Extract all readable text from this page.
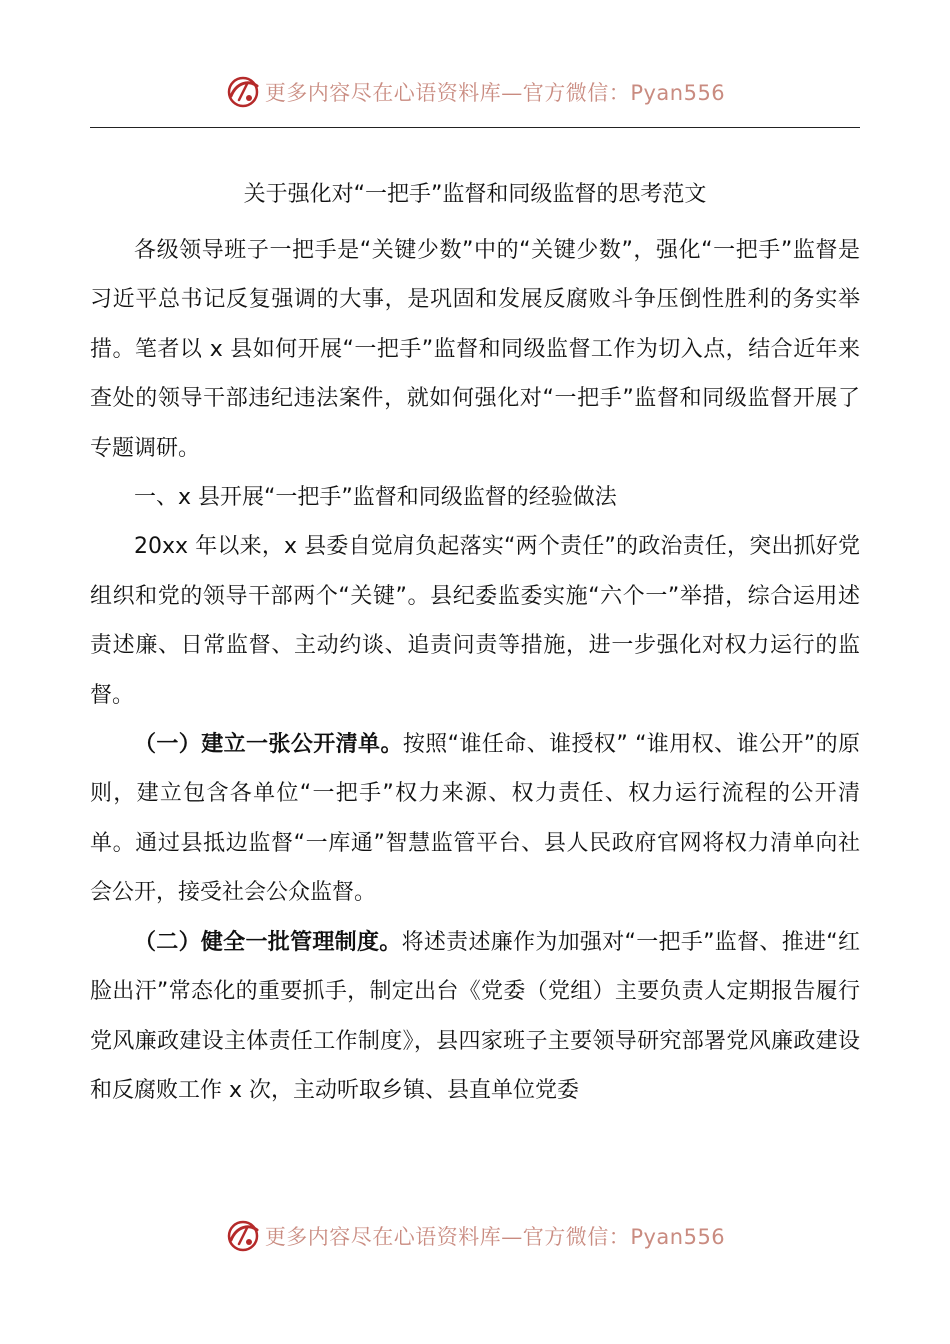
更多内容尽在心语资料库—官方微信：Pyan556
关于强化对“一把手”监督和同级监督的思考范文

各级领导班子一把手是“关键少数”中的“关键少数”，强化“一把手”监督是习近平总书记反复强调的大事，是巩固和发展反腐败斗争压倒性胜利的务实举措。笔者以 x 县如何开展“一把手”监督和同级监督工作为切入点，结合近年来查处的领导干部违纪违法案件，就如何强化对“一把手”监督和同级监督开展了专题调研。

一、x 县开展“一把手”监督和同级监督的经验做法

20xx 年以来，x 县委自觉肩负起落实“两个责任”的政治责任，突出抓好党组织和党的领导干部两个“关键”。县纪委监委实施“六个一”举措，综合运用述责述廉、日常监督、主动约谈、追责问责等措施，进一步强化对权力运行的监督。

（一）建立一张公开清单。按照“谁任命、谁授权” “谁用权、谁公开”的原则，建立包含各单位“一把手”权力来源、权力责任、权力运行流程的公开清单。通过县抵边监督“一库通”智慧监管平台、县人民政府官网将权力清单向社会公开，接受社会公众监督。

（二）健全一批管理制度。将述责述廉作为加强对“一把手”监督、推进“红脸出汗”常态化的重要抓手，制定出台《党委（党组）主要负责人定期报告履行党风廉政建设主体责任工作制度》，县四家班子主要领导研究部署党风廉政建设和反腐败工作 x 次，主动听取乡镇、县直单位党委

更多内容尽在心语资料库—官方微信：Pyan556
